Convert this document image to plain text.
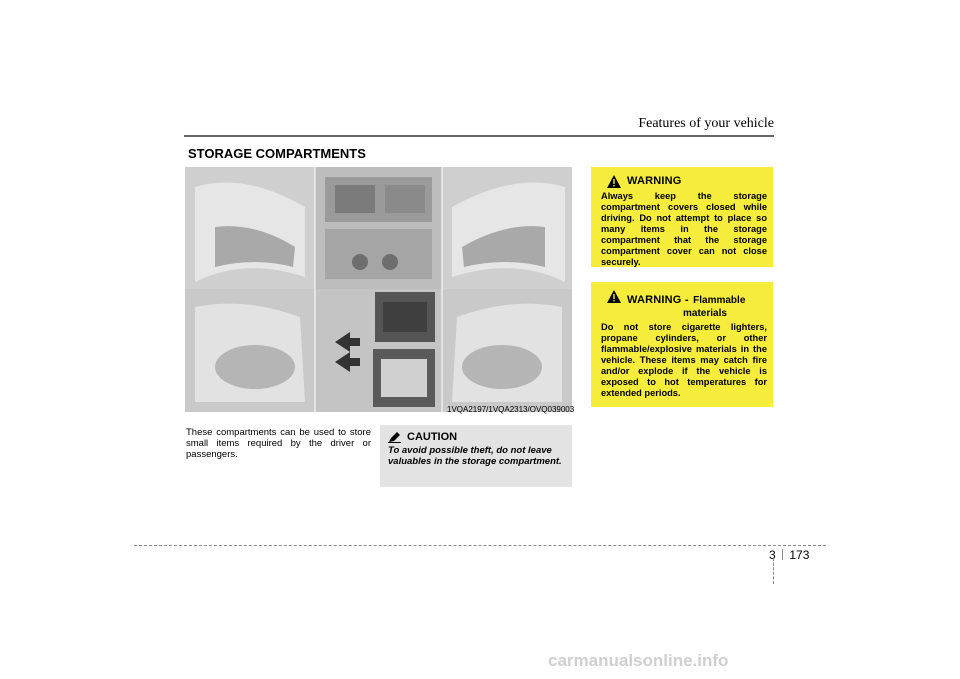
Features of your vehicle
STORAGE COMPARTMENTS
1VQA2197/1VQA2313/OVQ039003
These compartments can be used to store small items required by the driver or passengers.
CAUTION
To avoid possible theft, do not leave valuables in the storage compartment.
WARNING
Always keep the storage compartment covers closed while driving. Do not attempt to place so many items in the storage compartment that the storage compartment cover can not close securely.
WARNING - Flammable
materials
Do not store cigarette lighters, propane cylinders, or other flammable/explosive materials in the vehicle. These items may catch fire and/or explode if the vehicle is exposed to hot temperatures for extended periods.
3 173
carmanualsonline.info
